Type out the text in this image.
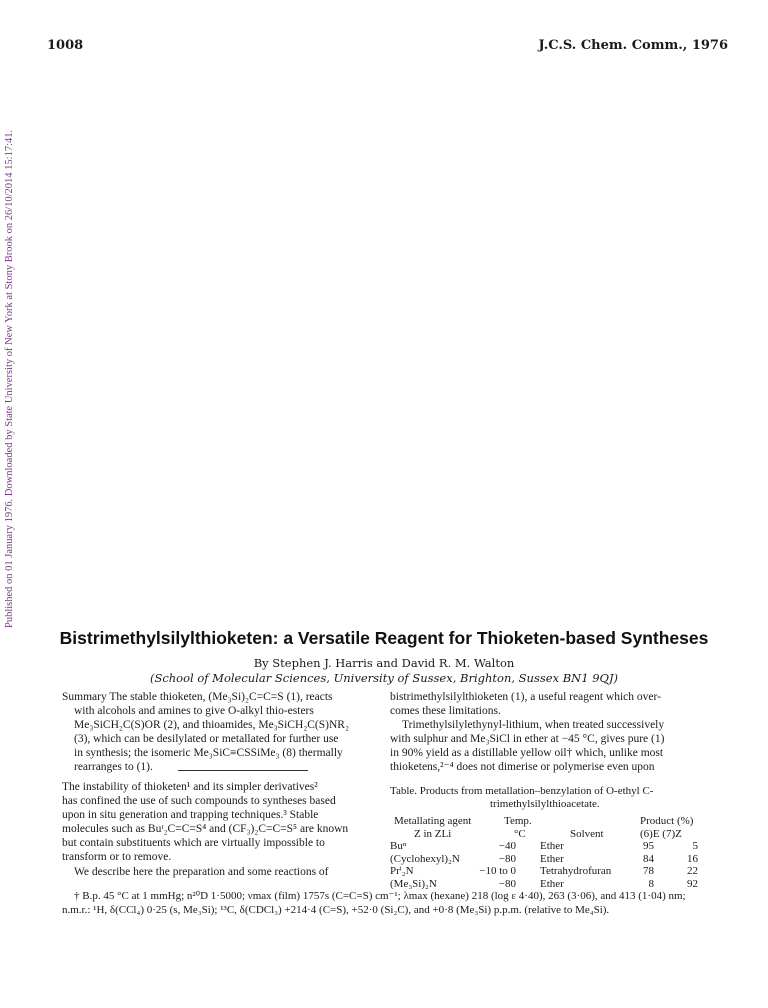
1008	J.C.S. Chem. Comm., 1976
Published on 01 January 1976. Downloaded by State University of New York at Stony Brook on 26/10/2014 15:17:41.
Bistrimethylsilylthioketen: a Versatile Reagent for Thioketen-based Syntheses
By Stephen J. Harris and David R. M. Walton
(School of Molecular Sciences, University of Sussex, Brighton, Sussex BN1 9QJ)
Summary The stable thioketen, (Me₃Si)₂C=C=S (1), reacts
with alcohols and amines to give O-alkyl thio-esters
Me₃SiCH₂C(S)OR (2), and thioamides, Me₃SiCH₂C(S)NR₂
(3), which can be desilylated or metallated for further use
in synthesis; the isomeric Me₃SiC≡CSSiMe₃ (8) thermally
rearranges to (1).
The instability of thioketen¹ and its simpler derivatives²
has confined the use of such compounds to syntheses based
upon in situ generation and trapping techniques.³ Stable
molecules such as Buᵗ₂C=C=S⁴ and (CF₃)₂C=C=S⁵ are known
but contain substituents which are virtually impossible to
transform or to remove.
We describe here the preparation and some reactions of
bistrimethylsilylthioketen (1), a useful reagent which over-
comes these limitations.
Trimethylsilylethynyl-lithium, when treated successively
with sulphur and Me₃SiCl in ether at −45 °C, gives pure (1)
in 90% yield as a distillable yellow oil† which, unlike most
thioketens,²⁻⁴ does not dimerise or polymerise even upon
Table. Products from metallation–benzylation of O-ethyl C-
trimethylsilylthioacetate.
Metallating agent	Temp.	Product (%)
Z in ZLi	°C	Solvent	(6)E (7)Z
Buⁿ	−40 Ether	95	5
(Cyclohexyl)₂N	−80 Ether	84	16
Prⁱ₂N	−10 to 0 Tetrahydrofuran	78	22
(Me₃Si)₂N	−80 Ether	8	92
† B.p. 45 °C at 1 mmHg; n²⁰D 1·5000; νmax (film) 1757s (C=C=S) cm⁻¹; λmax (hexane) 218 (log ε 4·40), 263 (3·06), and 413 (1·04) nm;
n.m.r.: ¹H, δ(CCl₄) 0·25 (s, Me₃Si); ¹³C, δ(CDCl₃) +214·4 (C=S), +52·0 (Si₂C), and +0·8 (Me₃Si) p.p.m. (relative to Me₄Si).
